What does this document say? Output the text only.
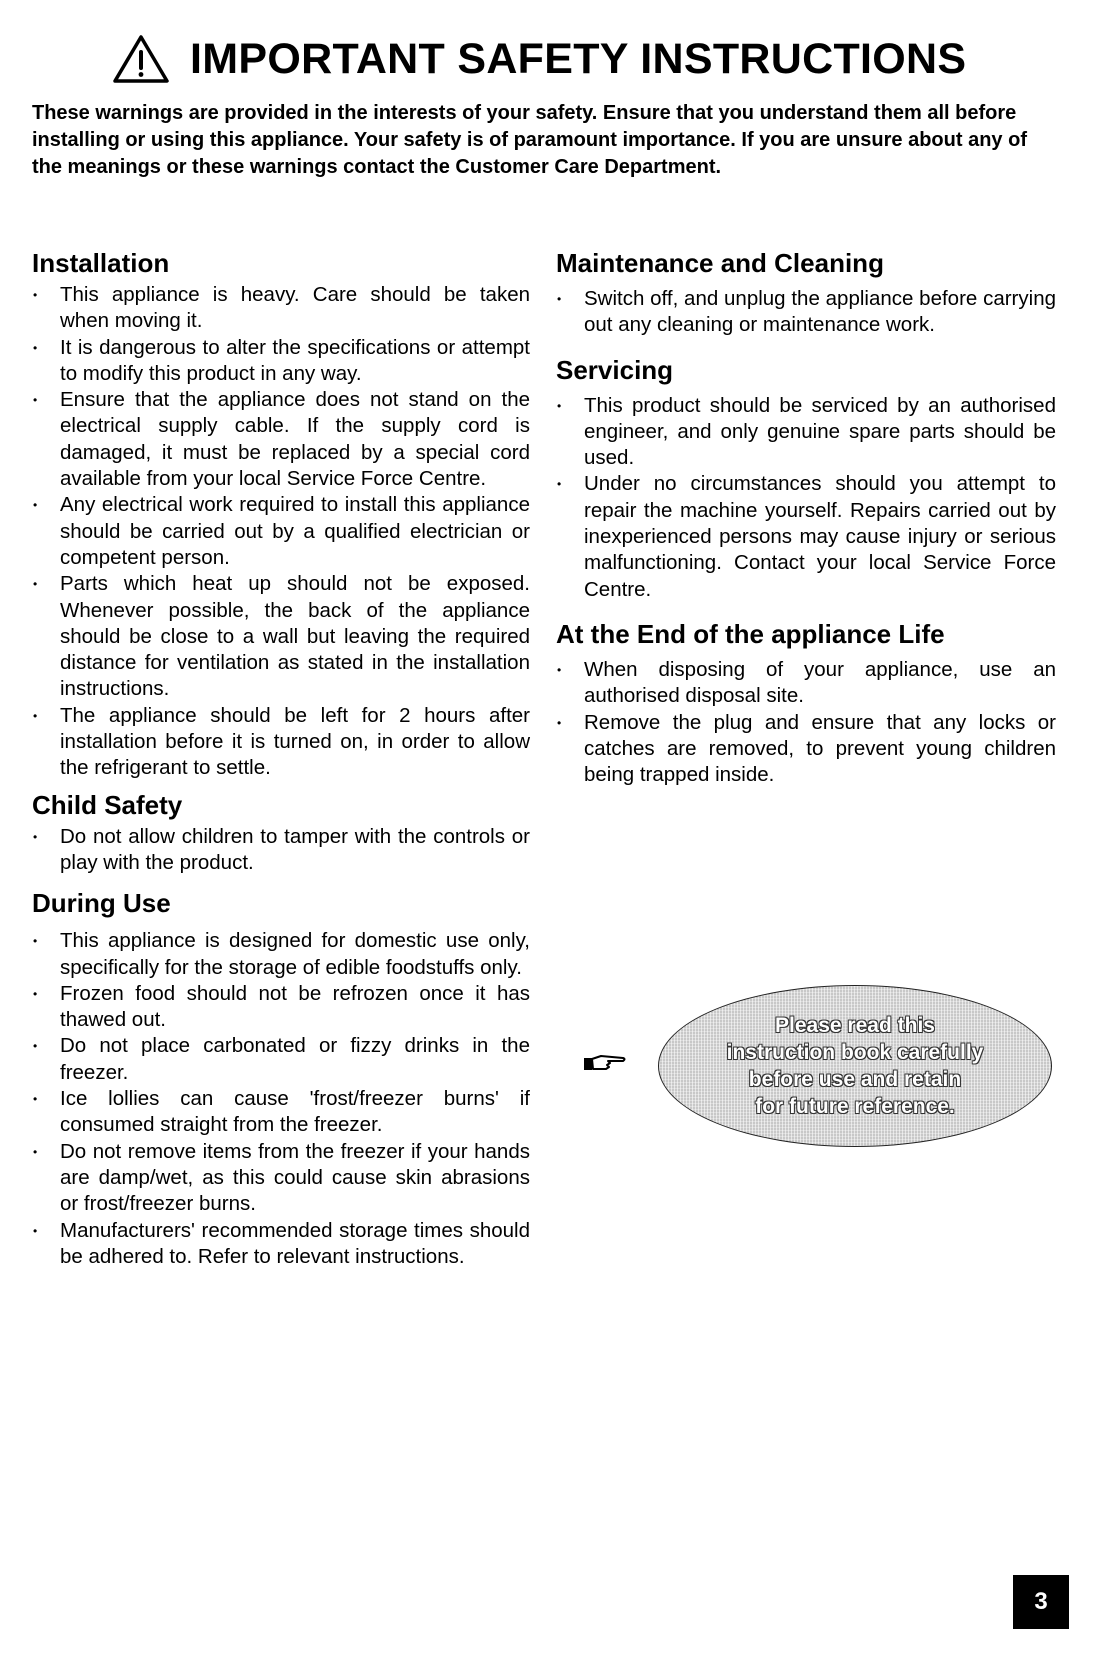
IMPORTANT SAFETY INSTRUCTIONS
These warnings are provided in the interests of your safety. Ensure that you understand them all before installing or using this appliance. Your safety is of paramount importance. If you are unsure about any of the meanings or these warnings contact the Customer Care Department.
Installation
• This appliance is heavy. Care should be taken when moving it.
• It is dangerous to alter the specifications or attempt to modify this product in any way.
• Ensure that the appliance does not stand on the electrical supply cable. If the supply cord is damaged, it must be replaced by a special cord available from your local Service Force Centre.
• Any electrical work required to install this appliance should be carried out by a qualified electrician or competent person.
• Parts which heat up should not be exposed. Whenever possible, the back of the appliance should be close to a wall but leaving the required distance for ventilation as stated in the installation instructions.
• The appliance should be left for 2 hours after installation before it is turned on, in order to allow the refrigerant to settle.
Child Safety
• Do not allow children to tamper with the controls or play with the product.
During Use
• This appliance is designed for domestic use only, specifically for the storage of edible foodstuffs only.
• Frozen food should not be refrozen once it has thawed out.
• Do not place carbonated or fizzy drinks in the freezer.
• Ice lollies can cause 'frost/freezer burns' if consumed straight from the freezer.
• Do not remove items from the freezer if your hands are damp/wet, as this could cause skin abrasions or frost/freezer burns.
• Manufacturers' recommended storage times should be adhered to. Refer to relevant instructions.
Maintenance and Cleaning
• Switch off, and unplug the appliance before carrying out any cleaning or maintenance work.
Servicing
• This product should be serviced by an authorised engineer, and only genuine spare parts should be used.
• Under no circumstances should you attempt to repair the machine yourself. Repairs carried out by inexperienced persons may cause injury or serious malfunctioning. Contact your local Service Force Centre.
At the End of the appliance Life
• When disposing of your appliance, use an authorised disposal site.
• Remove the plug and ensure that any locks or catches are removed, to prevent young children being trapped inside.
Please read this
instruction book carefully
before use and retain
for future reference.
3
